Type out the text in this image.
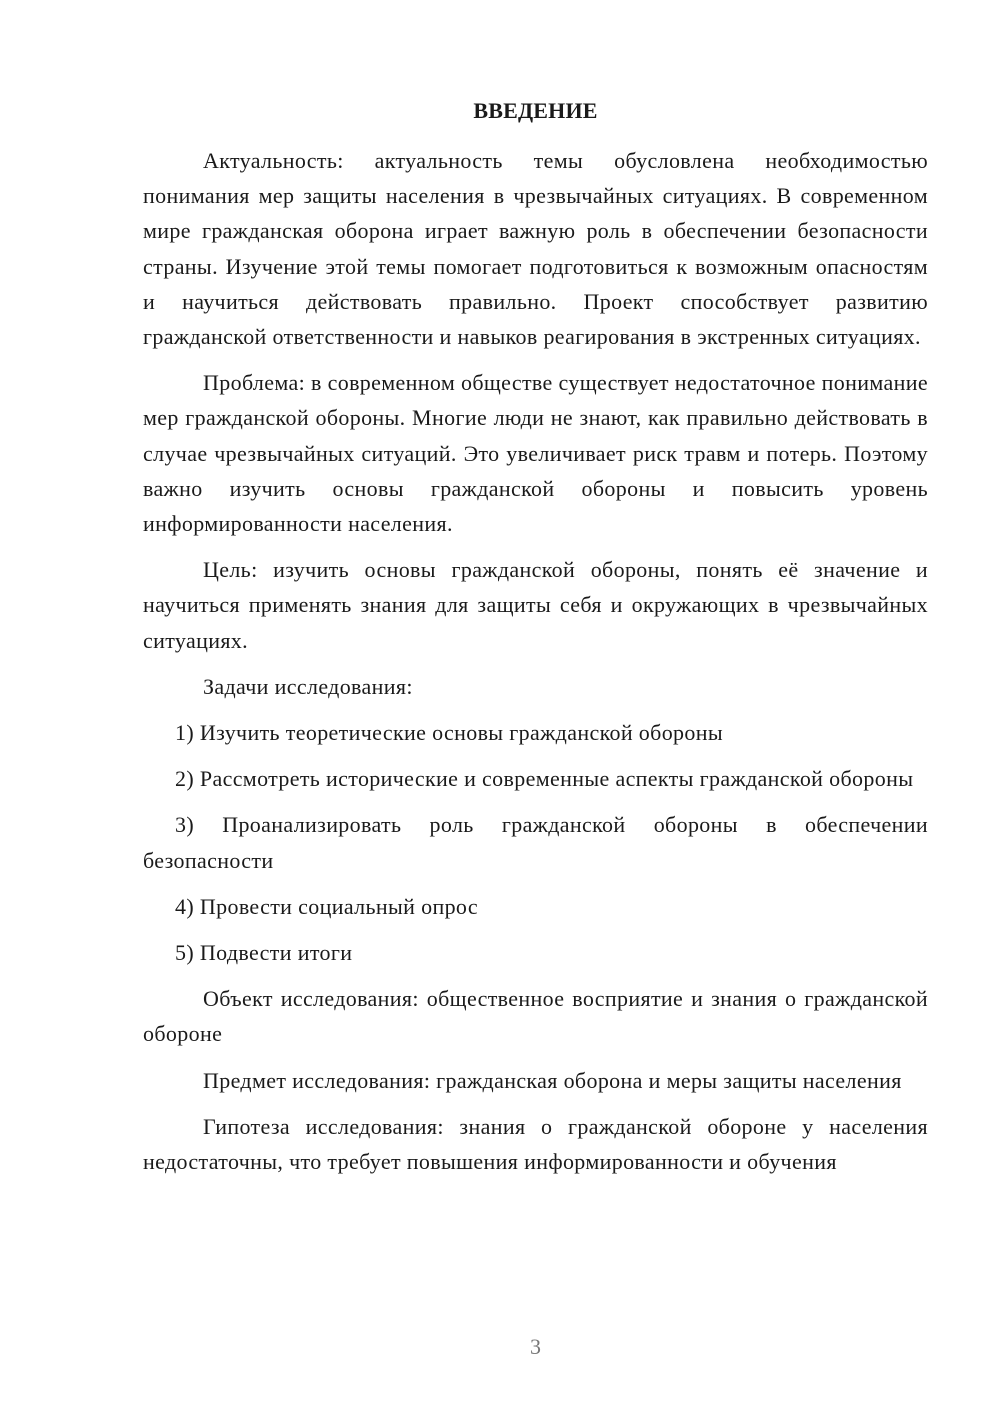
ВВЕДЕНИЕ

Актуальность: актуальность темы обусловлена необходимостью понимания мер защиты населения в чрезвычайных ситуациях. В современном мире гражданская оборона играет важную роль в обеспечении безопасности страны. Изучение этой темы помогает подготовиться к возможным опасностям и научиться действовать правильно. Проект способствует развитию гражданской ответственности и навыков реагирования в экстренных ситуациях.

Проблема: в современном обществе существует недостаточное понимание мер гражданской обороны. Многие люди не знают, как правильно действовать в случае чрезвычайных ситуаций. Это увеличивает риск травм и потерь. Поэтому важно изучить основы гражданской обороны и повысить уровень информированности населения.

Цель: изучить основы гражданской обороны, понять её значение и научиться применять знания для защиты себя и окружающих в чрезвычайных ситуациях.

Задачи исследования:

1) Изучить теоретические основы гражданской обороны

2) Рассмотреть исторические и современные аспекты гражданской обороны

3) Проанализировать роль гражданской обороны в обеспечении безопасности

4) Провести социальный опрос

5) Подвести итоги

Объект исследования: общественное восприятие и знания о гражданской обороне

Предмет исследования: гражданская оборона и меры защиты населения

Гипотеза исследования: знания о гражданской обороне у населения недостаточны, что требует повышения информированности и обучения

3
